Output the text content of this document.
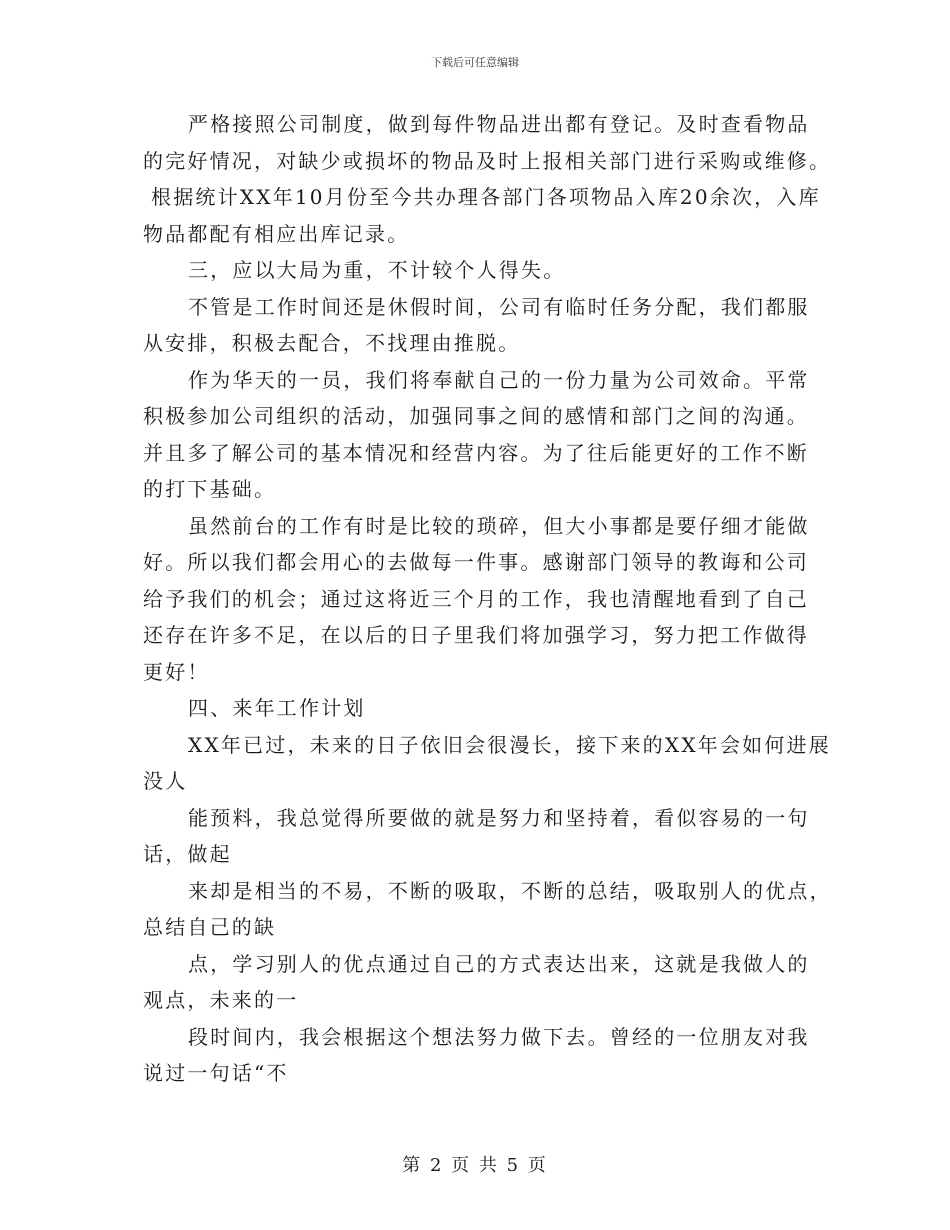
下载后可任意编辑
严格接照公司制度，做到每件物品进出都有登记。及时查看物品
的完好情况，对缺少或损坏的物品及时上报相关部门进行采购或维修。
根据统计XX年10月份至今共办理各部门各项物品入库20余次，入库
物品都配有相应出库记录。
三，应以大局为重，不计较个人得失。
不管是工作时间还是休假时间，公司有临时任务分配，我们都服
从安排，积极去配合，不找理由推脱。
作为华天的一员，我们将奉献自己的一份力量为公司效命。平常
积极参加公司组织的活动，加强同事之间的感情和部门之间的沟通。
并且多了解公司的基本情况和经营内容。为了往后能更好的工作不断
的打下基础。
虽然前台的工作有时是比较的琐碎，但大小事都是要仔细才能做
好。所以我们都会用心的去做每一件事。感谢部门领导的教诲和公司
给予我们的机会；通过这将近三个月的工作，我也清醒地看到了自己
还存在许多不足，在以后的日子里我们将加强学习，努力把工作做得
更好！
四、来年工作计划
XX年已过，未来的日子依旧会很漫长，接下来的XX年会如何进展
没人
能预料，我总觉得所要做的就是努力和坚持着，看似容易的一句
话，做起
来却是相当的不易，不断的吸取，不断的总结，吸取别人的优点，
总结自己的缺
点，学习别人的优点通过自己的方式表达出来，这就是我做人的
观点，未来的一
段时间内，我会根据这个想法努力做下去。曾经的一位朋友对我
说过一句话“不
第 2 页 共 5 页
